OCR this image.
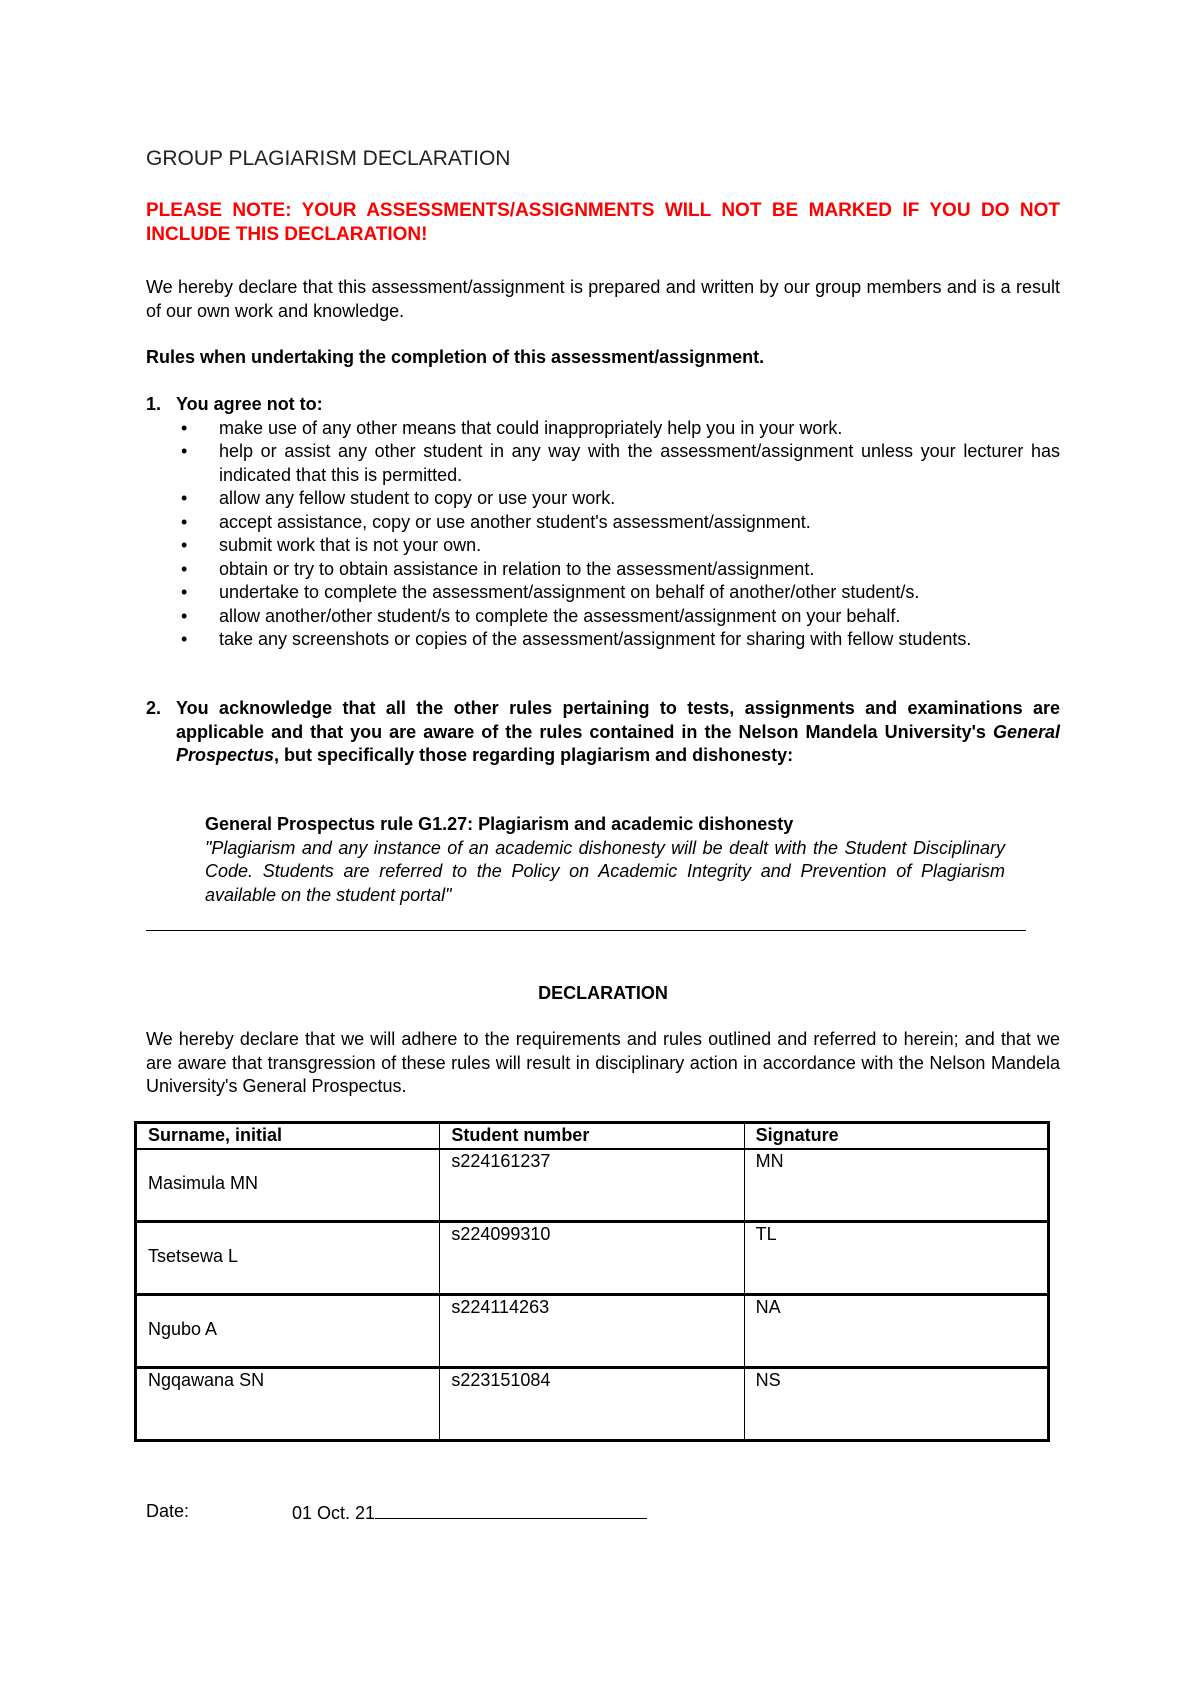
GROUP PLAGIARISM DECLARATION

PLEASE NOTE: YOUR ASSESSMENTS/ASSIGNMENTS WILL NOT BE MARKED IF YOU DO NOT INCLUDE THIS DECLARATION!

We hereby declare that this assessment/assignment is prepared and written by our group members and is a result of our own work and knowledge.

Rules when undertaking the completion of this assessment/assignment.

1. You agree not to:
• make use of any other means that could inappropriately help you in your work.
• help or assist any other student in any way with the assessment/assignment unless your lecturer has indicated that this is permitted.
• allow any fellow student to copy or use your work.
• accept assistance, copy or use another student's assessment/assignment.
• submit work that is not your own.
• obtain or try to obtain assistance in relation to the assessment/assignment.
• undertake to complete the assessment/assignment on behalf of another/other student/s.
• allow another/other student/s to complete the assessment/assignment on your behalf.
• take any screenshots or copies of the assessment/assignment for sharing with fellow students.
2. You acknowledge that all the other rules pertaining to tests, assignments and examinations are applicable and that you are aware of the rules contained in the Nelson Mandela University's General Prospectus, but specifically those regarding plagiarism and dishonesty:

General Prospectus rule G1.27: Plagiarism and academic dishonesty

"Plagiarism and any instance of an academic dishonesty will be dealt with the Student Disciplinary Code. Students are referred to the Policy on Academic Integrity and Prevention of Plagiarism available on the student portal"

DECLARATION

We hereby declare that we will adhere to the requirements and rules outlined and referred to herein; and that we are aware that transgression of these rules will result in disciplinary action in accordance with the Nelson Mandela University's General Prospectus.

Surname, initial	Student number	Signature

Masimula MN	s224161237	MN

Tsetsewa L	s224099310	TL

Ngubo A	s224114263	NA
Ngqawana SN	s223151084	NS
Date:	01 Oct. 21
